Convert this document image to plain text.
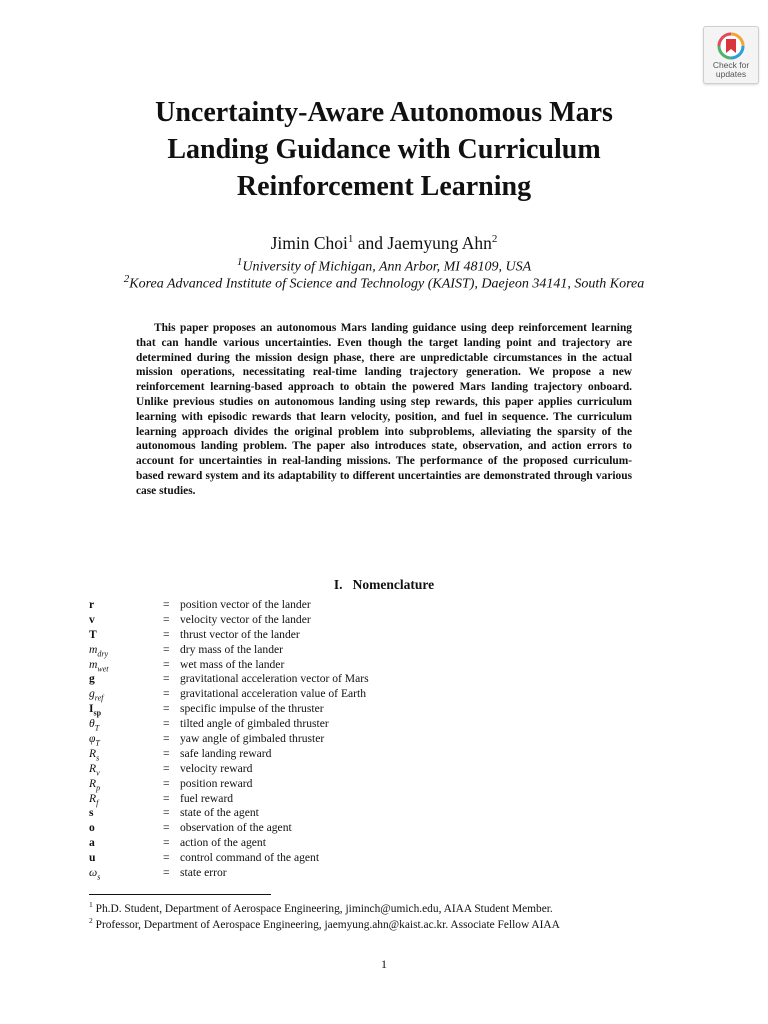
Check for
updates
Uncertainty-Aware Autonomous Mars
Landing Guidance with Curriculum
Reinforcement Learning
Jimin Choi$^1$ and Jaemyung Ahn$^2$
$^1$University of Michigan, Ann Arbor, MI 48109, USA
$^2$Korea Advanced Institute of Science and Technology (KAIST), Daejeon 34141, South Korea
This paper proposes an autonomous Mars landing guidance using deep reinforcement learning that can handle various uncertainties. Even though the target landing point and trajectory are determined during the mission design phase, there are unpredictable circumstances in the actual mission operations, necessitating real-time landing trajectory generation. We propose a new reinforcement learning-based approach to obtain the powered Mars landing trajectory onboard. Unlike previous studies on autonomous landing using step rewards, this paper applies curriculum learning with episodic rewards that learn velocity, position, and fuel in sequence. The curriculum learning approach divides the original problem into subproblems, alleviating the sparsity of the autonomous landing problem. The paper also introduces state, observation, and action errors to account for uncertainties in real-landing missions. The performance of the proposed curriculum-based reward system and its adaptability to different uncertainties are demonstrated through various case studies.
I. Nomenclature
r	= position vector of the lander
v	= velocity vector of the lander
T	= thrust vector of the lander
$m_{dry}$	= dry mass of the lander
$m_{wet}$	= wet mass of the lander
g	= gravitational acceleration vector of Mars
$g_{ref}$	= gravitational acceleration value of Earth
$I_{sp}$	= specific impulse of the thruster
$\theta_T$	= tilted angle of gimbaled thruster
$\varphi_T$	= yaw angle of gimbaled thruster
$R_s$	= safe landing reward
$R_v$	= velocity reward
$R_p$	= position reward
$R_f$	= fuel reward
s	= state of the agent
o	= observation of the agent
a	= action of the agent
u	= control command of the agent
$\omega_s$	= state error
$^1$ Ph.D. Student, Department of Aerospace Engineering, jiminch@umich.edu, AIAA Student Member.
$^2$ Professor, Department of Aerospace Engineering, jaemyung.ahn@kaist.ac.kr. Associate Fellow AIAA
1
